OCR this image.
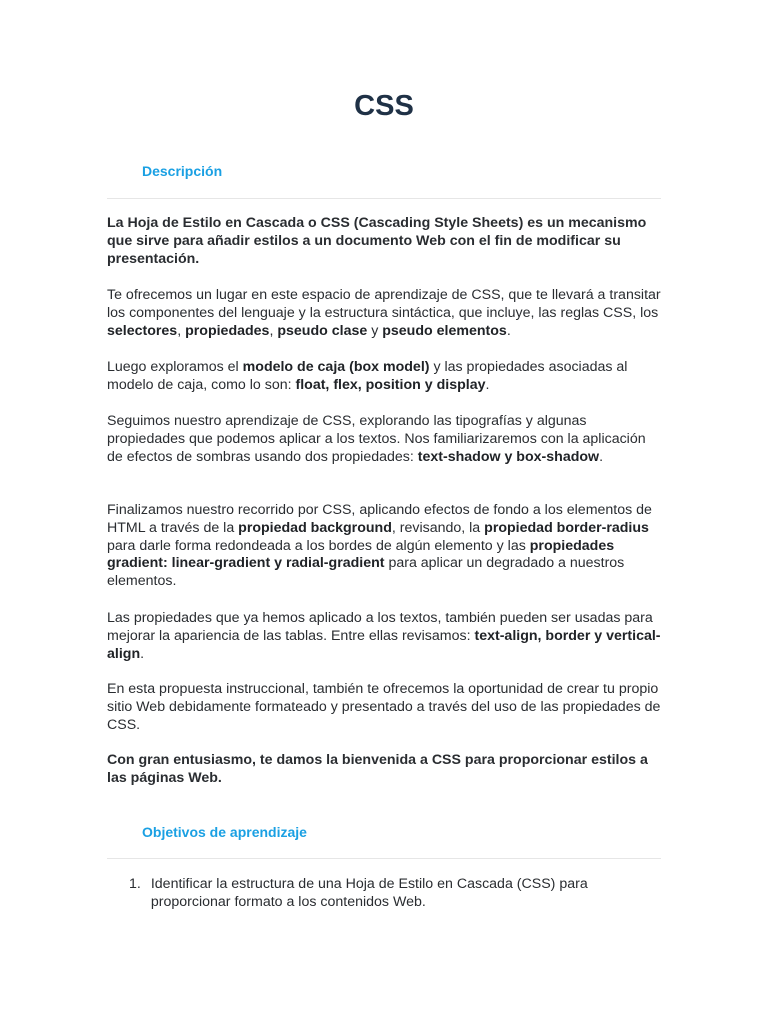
CSS
Descripción

La Hoja de Estilo en Cascada o CSS (Cascading Style Sheets) es un mecanismo que sirve para añadir estilos a un documento Web con el fin de modificar su presentación.

Te ofrecemos un lugar en este espacio de aprendizaje de CSS, que te llevará a transitar los componentes del lenguaje y la estructura sintáctica, que incluye, las reglas CSS, los selectores, propiedades, pseudo clase y pseudo elementos.

Luego exploramos el modelo de caja (box model) y las propiedades asociadas al modelo de caja, como lo son: float, flex, position y display.

Seguimos nuestro aprendizaje de CSS, explorando las tipografías y algunas propiedades que podemos aplicar a los textos. Nos familiarizaremos con la aplicación de efectos de sombras usando dos propiedades: text-shadow y box-shadow.

Finalizamos nuestro recorrido por CSS, aplicando efectos de fondo a los elementos de HTML a través de la propiedad background, revisando, la propiedad border-radius para darle forma redondeada a los bordes de algún elemento y las propiedades gradient: linear-gradient y radial-gradient para aplicar un degradado a nuestros elementos.

Las propiedades que ya hemos aplicado a los textos, también pueden ser usadas para mejorar la apariencia de las tablas. Entre ellas revisamos: text-align, border y vertical-align.

En esta propuesta instruccional, también te ofrecemos la oportunidad de crear tu propio sitio Web debidamente formateado y presentado a través del uso de las propiedades de CSS.

Con gran entusiasmo, te damos la bienvenida a CSS para proporcionar estilos a las páginas Web.

Objetivos de aprendizaje
1. Identificar la estructura de una Hoja de Estilo en Cascada (CSS) para proporcionar formato a los contenidos Web.
